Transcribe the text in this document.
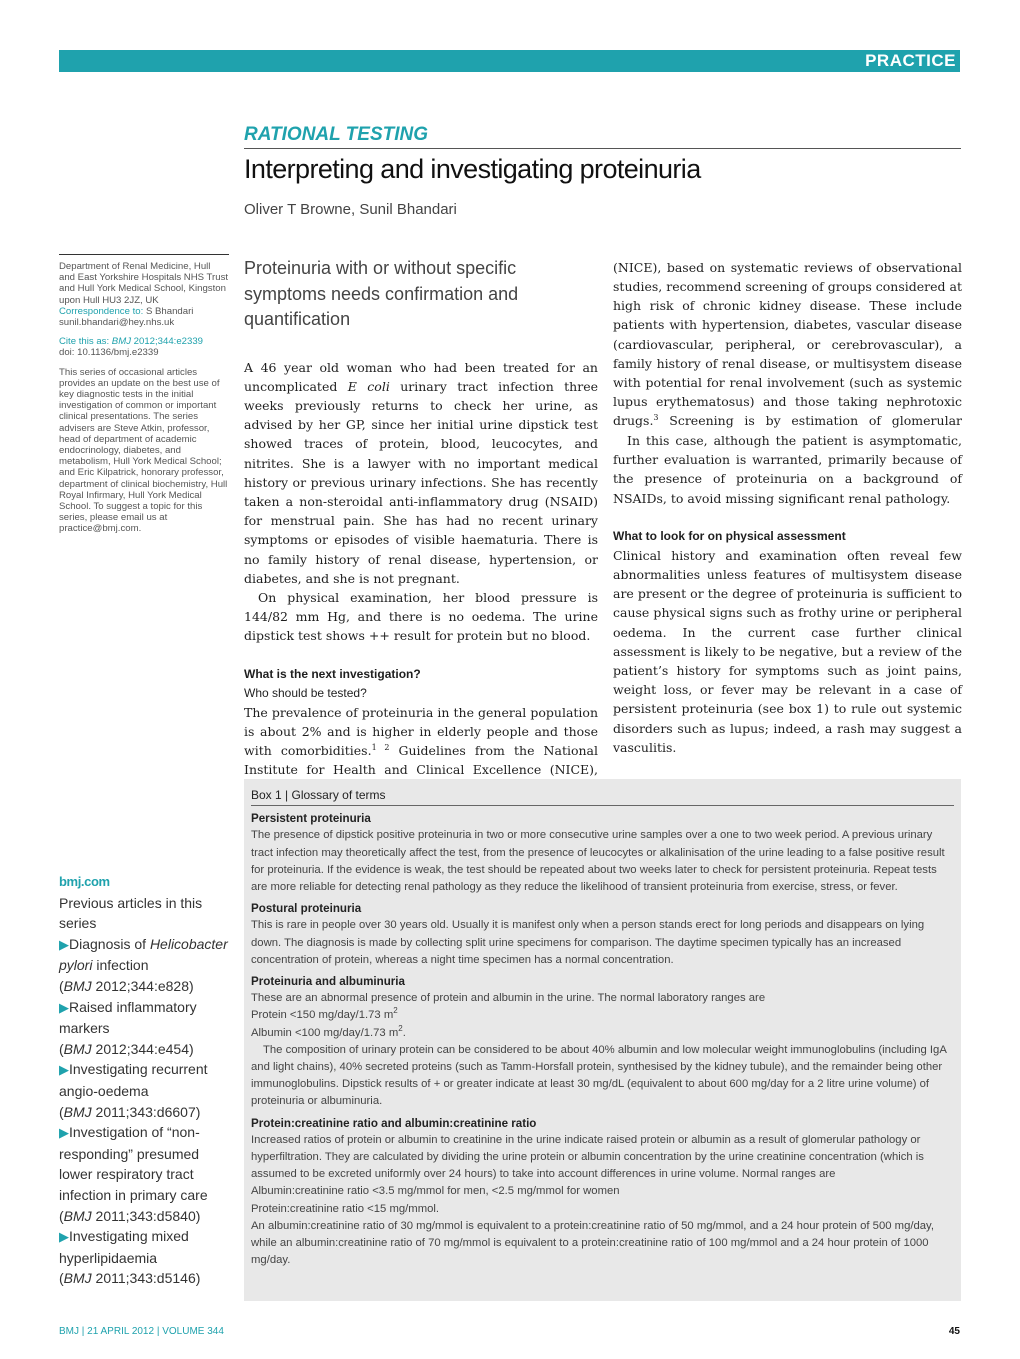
PRACTICE
RATIONAL TESTING
Interpreting and investigating proteinuria
Oliver T Browne, Sunil Bhandari

Department of Renal Medicine, Hull and East Yorkshire Hospitals NHS Trust and Hull York Medical School, Kingston upon Hull HU3 2JZ, UK
Correspondence to: S Bhandari
sunil.bhandari@hey.nhs.uk

Cite this as: BMJ 2012;344:e2339
doi: 10.1136/bmj.e2339

This series of occasional articles provides an update on the best use of key diagnostic tests in the initial investigation of common or important clinical presentations. The series advisers are Steve Atkin, professor, head of department of academic endocrinology, diabetes, and metabolism, Hull York Medical School; and Eric Kilpatrick, honorary professor, department of clinical biochemistry, Hull Royal Infirmary, Hull York Medical School. To suggest a topic for this series, please email us at practice@bmj.com.

bmj.com
Previous articles in this series
▶Diagnosis of Helicobacter pylori infection
(BMJ 2012;344:e828)
▶Raised inflammatory markers
(BMJ 2012;344:e454)
▶Investigating recurrent angio-oedema
(BMJ 2011;343:d6607)
▶Investigation of “non-responding” presumed lower respiratory tract infection in primary care
(BMJ 2011;343:d5840)
▶Investigating mixed hyperlipidaemia
(BMJ 2011;343:d5146)

Proteinuria with or without specific symptoms needs confirmation and quantification

A 46 year old woman who had been treated for an uncomplicated E coli urinary tract infection three weeks previously returns to check her urine, as advised by her GP, since her initial urine dipstick test showed traces of protein, blood, leucocytes, and nitrites. She is a lawyer with no important medical history or previous urinary infections. She has recently taken a non-steroidal anti-inflammatory drug (NSAID) for menstrual pain. She has had no recent urinary symptoms or episodes of visible haematuria. There is no family history of renal disease, hypertension, or diabetes, and she is not pregnant.

On physical examination, her blood pressure is 144/82 mm Hg, and there is no oedema. The urine dipstick test shows ++ result for protein but no blood.

What is the next investigation?

Who should be tested?

The prevalence of proteinuria in the general population is about 2% and is higher in elderly people and those with comorbidities.$^{1 2}$ Guidelines from the National Institute for Health and Clinical Excellence (NICE),

(NICE), based on systematic reviews of observational studies, recommend screening of groups considered at high risk of chronic kidney disease. These include patients with hypertension, diabetes, vascular disease (cardiovascular, peripheral, or cerebrovascular), a family history of renal disease, or multisystem disease with potential for renal involvement (such as systemic lupus erythematosus) and those taking nephrotoxic drugs.$^3$ Screening is by estimation of glomerular

In this case, although the patient is asymptomatic, further evaluation is warranted, primarily because of the presence of proteinuria on a background of NSAIDs, to avoid missing significant renal pathology.

What to look for on physical assessment

Clinical history and examination often reveal few abnormalities unless features of multisystem disease are present or the degree of proteinuria is sufficient to cause physical signs such as frothy urine or peripheral oedema. In the current case further clinical assessment is likely to be negative, but a review of the patient’s history for symptoms such as joint pains, weight loss, or fever may be relevant in a case of persistent proteinuria (see box 1) to rule out systemic disorders such as lupus; indeed, a rash may suggest a vasculitis.

Box 1 | Glossary of terms

Persistent proteinuria

The presence of dipstick positive proteinuria in two or more consecutive urine samples over a one to two week period. A previous urinary tract infection may theoretically affect the test, from the presence of leucocytes or alkalinisation of the urine leading to a false positive result for proteinuria. If the evidence is weak, the test should be repeated about two weeks later to check for persistent proteinuria. Repeat tests are more reliable for detecting renal pathology as they reduce the likelihood of transient proteinuria from exercise, stress, or fever.

Postural proteinuria

This is rare in people over 30 years old. Usually it is manifest only when a person stands erect for long periods and disappears on lying down. The diagnosis is made by collecting split urine specimens for comparison. The daytime specimen typically has an increased concentration of protein, whereas a night time specimen has a normal concentration.

Proteinuria and albuminuria

These are an abnormal presence of protein and albumin in the urine. The normal laboratory ranges are

Protein <150 mg/day/1.73 $m^2$

Albumin <100 mg/day/1.73 $m^2$.

The composition of urinary protein can be considered to be about 40% albumin and low molecular weight immunoglobulins (including IgA and light chains), 40% secreted proteins (such as Tamm-Horsfall protein, synthesised by the kidney tubule), and the remainder being other immunoglobulins. Dipstick results of + or greater indicate at least 30 mg/dL (equivalent to about 600 mg/day for a 2 litre urine volume) of proteinuria or albuminuria.

Protein:creatinine ratio and albumin:creatinine ratio

Increased ratios of protein or albumin to creatinine in the urine indicate raised protein or albumin as a result of glomerular pathology or hyperfiltration. They are calculated by dividing the urine protein or albumin concentration by the urine creatinine concentration (which is assumed to be excreted uniformly over 24 hours) to take into account differences in urine volume. Normal ranges are

Albumin:creatinine ratio <3.5 mg/mmol for men, <2.5 mg/mmol for women

Protein:creatinine ratio <15 mg/mmol.

An albumin:creatinine ratio of 30 mg/mmol is equivalent to a protein:creatinine ratio of 50 mg/mmol, and a 24 hour protein of 500 mg/day, while an albumin:creatinine ratio of 70 mg/mmol is equivalent to a protein:creatinine ratio of 100 mg/mmol and a 24 hour protein of 1000 mg/day.

BMJ | 21 APRIL 2012 | VOLUME 344	45
